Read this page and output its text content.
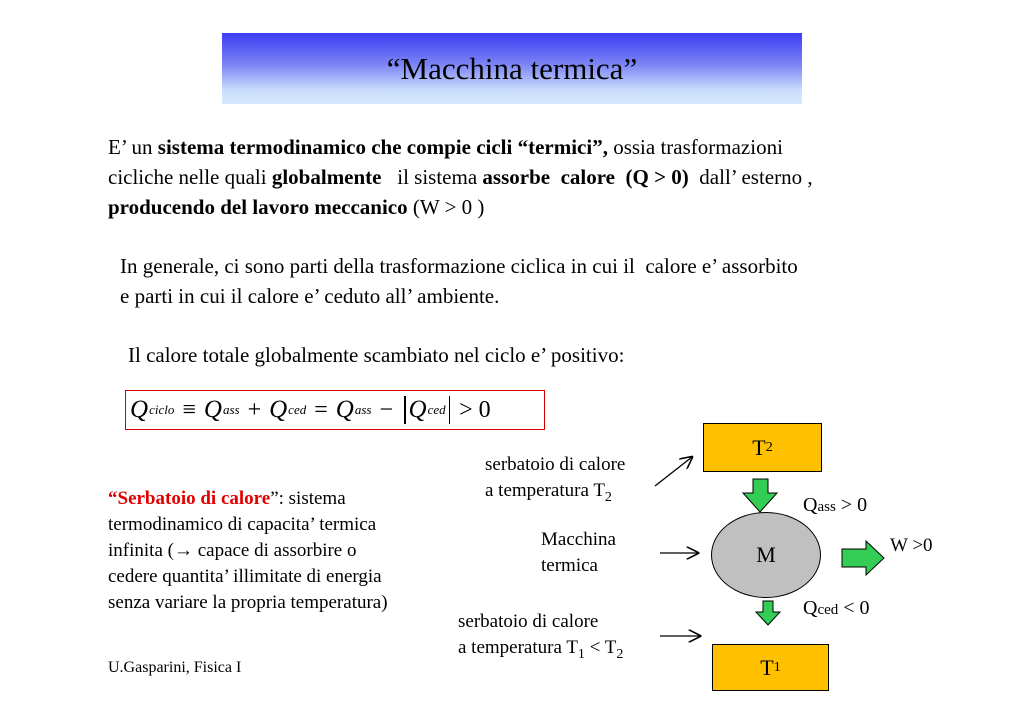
“Macchina termica”
E’ un sistema termodinamico che compie cicli “termici”, ossia trasformazioni
cicliche nelle quali globalmente   il sistema assorbe  calore  (Q > 0)  dall’ esterno ,
producendo del lavoro meccanico (W > 0 )
In generale, ci sono parti della trasformazione ciclica in cui il  calore e’ assorbito
e parti in cui il calore e’ ceduto all’ ambiente.
Il calore totale globalmente scambiato nel ciclo e’ positivo:
Q ciclo ≡ Q ass + Q ced = Q ass − Q ced > 0
“Serbatoio di calore”: sistema
termodinamico di capacita’ termica
infinita (→ capace di assorbire o
cedere quantita’ illimitate di energia
senza variare la propria temperatura)
T 2
M
T 1
serbatoio di calore
a temperatura $T_2$
Macchina
termica
serbatoio di calore
a temperatura $T_1 < T_2$
Qass > 0
Qced < 0
W >0
U.Gasparini, Fisica I
